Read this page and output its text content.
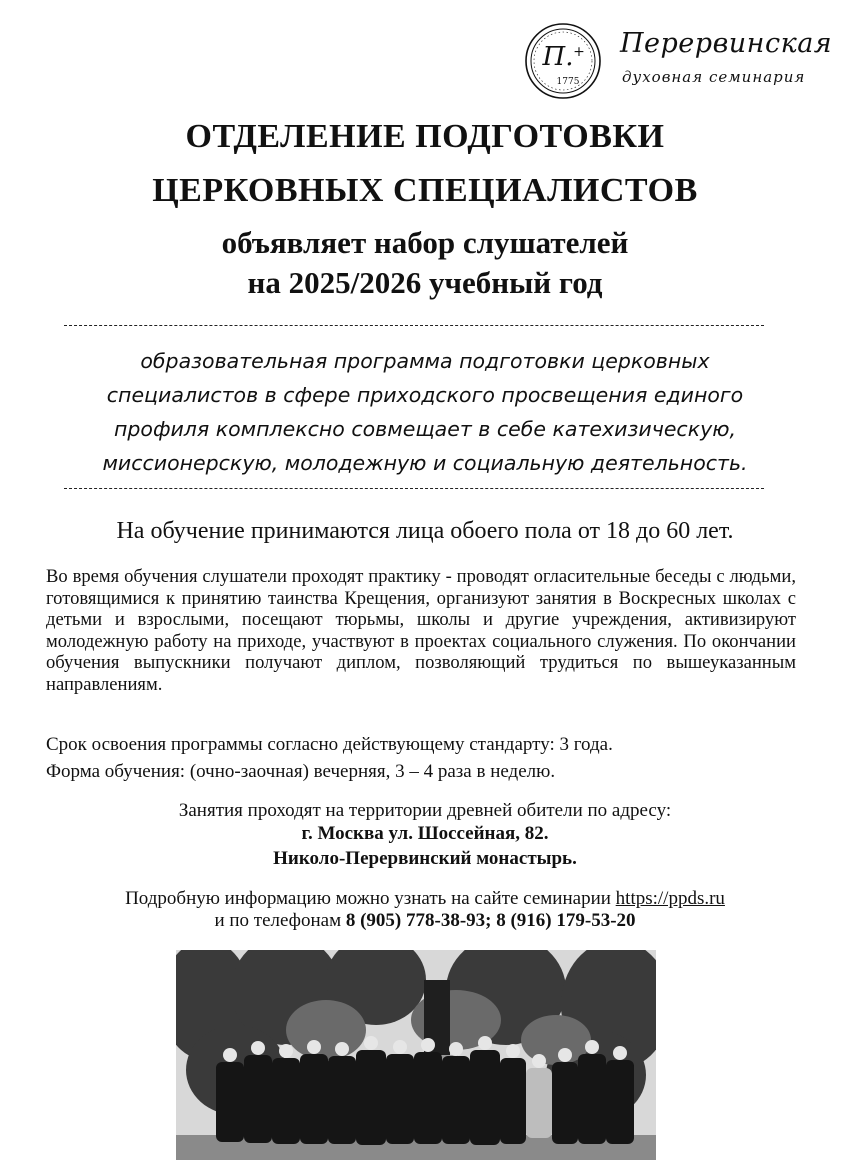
П. +
1775
Перервинская
духовная семинария
ОТДЕЛЕНИЕ ПОДГОТОВКИ
ЦЕРКОВНЫХ СПЕЦИАЛИСТОВ
объявляет набор слушателей
на 2025/2026 учебный год
образовательная программа подготовки церковных
специалистов в сфере приходского просвещения единого
профиля комплексно совмещает в себе катехизическую,
миссионерскую, молодежную и социальную деятельность.
На обучение принимаются лица обоего пола от 18 до 60 лет.
Во время обучения слушатели проходят практику - проводят огласительные беседы с людьми, готовящимися к принятию таинства Крещения, организуют занятия в Воскресных школах с детьми и взрослыми, посещают тюрьмы, школы и другие учреждения, активизируют молодежную работу на приходе, участвуют в проектах социального служения. По окончании обучения выпускники получают диплом, позволяющий трудиться по вышеуказанным направлениям.
Срок освоения программы согласно действующему стандарту: 3 года.
Форма обучения: (очно-заочная) вечерняя, 3 – 4 раза в неделю.
Занятия проходят на территории древней обители по адресу:
г. Москва ул. Шоссейная, 82.
Николо-Перервинский монастырь.
Подробную информацию можно узнать на сайте семинарии https://ppds.ru
и по телефонам 8 (905) 778-38-93; 8 (916) 179-53-20
